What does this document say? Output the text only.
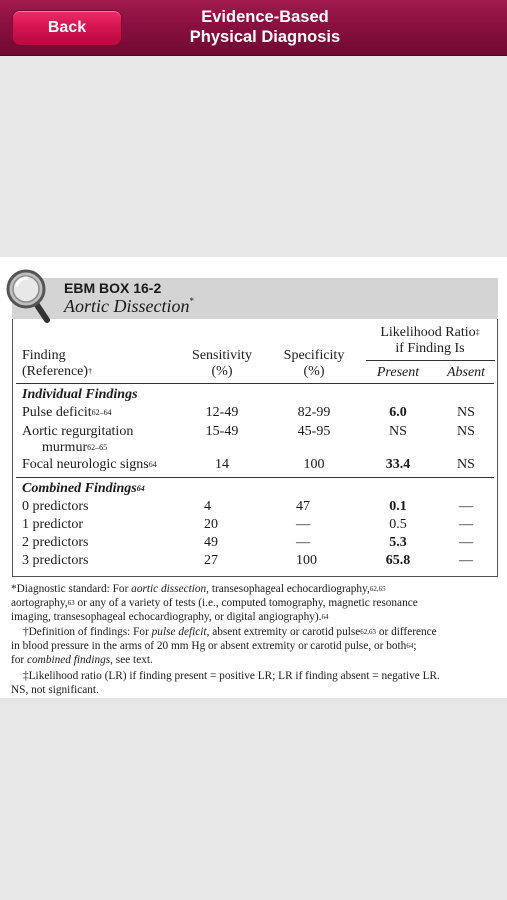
Back
Evidence-Based
Physical Diagnosis
EBM BOX 16-2
Aortic Dissection*
Finding
(Reference)†
Sensitivity
(%)
Specificity
(%)
Likelihood Ratio‡
if Finding Is
Present	Absent
Individual Findings
Pulse deficit$^{62-64}$	12-49	82-99	6.0	NS
Aortic regurgitation
murmur$^{62-65}$
15-49	45-95	NS	NS
Focal neurologic signs$^{64}$	14	100	33.4	NS
Combined Findings$^{64}$
0 predictors	4	47	0.1	—
1 predictor	20	—	0.5	—
2 predictors	49	—	5.3	—
3 predictors	27	100	65.8	—
*Diagnostic standard: For aortic dissection, transesophageal echocardiography,$^{62,65}$
aortography,$^{63}$ or any of a variety of tests (i.e., computed tomography, magnetic resonance
imaging, transesophageal echocardiography, or digital angiography).$^{64}$
†Definition of findings: For pulse deficit, absent extremity or carotid pulse$^{62,63}$ or difference
in blood pressure in the arms of 20 mm Hg or absent extremity or carotid pulse, or both$^{64}$;
for combined findings, see text.
‡Likelihood ratio (LR) if finding present = positive LR; LR if finding absent = negative LR.
NS, not significant.
